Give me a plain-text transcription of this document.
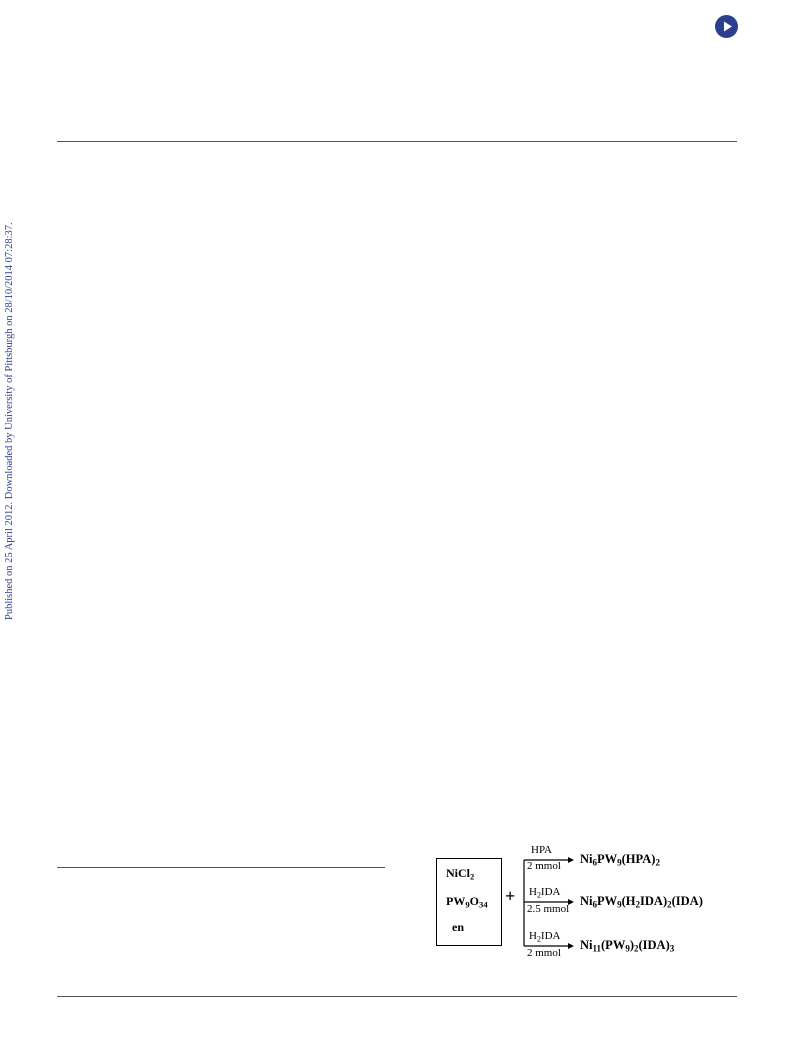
Published on 25 April 2012. Downloaded by University of Pittsburgh on 28/10/2014 07:28:37.
NiCl$_2$
$PW_9O_{34}$
en
+
HPA
2 mmol $Ni_6PW_9(HPA)_2$
$H_2IDA$
2.5 mmol
$Ni_6PW_9(H_2IDA)_2(IDA)$
$H_2IDA$
2 mmol
$Ni_{11}(PW_9)_2(IDA)_3$
